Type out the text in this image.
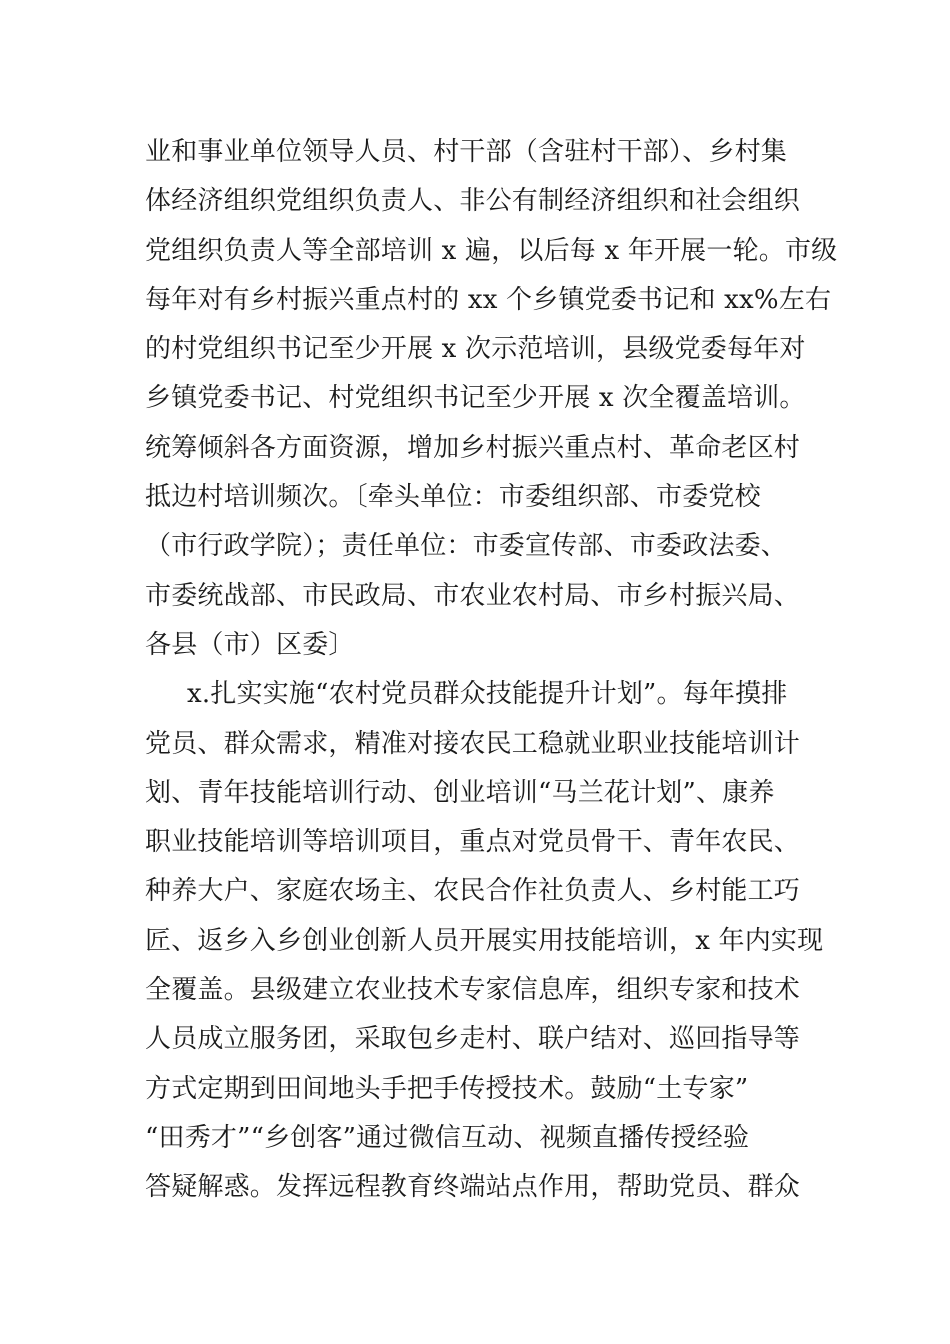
业和事业单位领导人员、村干部（含驻村干部）、乡村集
体经济组织党组织负责人、非公有制经济组织和社会组织
党组织负责人等全部培训 x 遍，以后每 x 年开展一轮。市级
每年对有乡村振兴重点村的 xx 个乡镇党委书记和 xx%左右
的村党组织书记至少开展 x 次示范培训，县级党委每年对
乡镇党委书记、村党组织书记至少开展 x 次全覆盖培训。
统筹倾斜各方面资源，增加乡村振兴重点村、革命老区村
抵边村培训频次。〔牵头单位：市委组织部、市委党校
（市行政学院）；责任单位：市委宣传部、市委政法委、
市委统战部、市民政局、市农业农村局、市乡村振兴局、
各县（市）区委〕
x.扎实实施“农村党员群众技能提升计划”。每年摸排
党员、群众需求，精准对接农民工稳就业职业技能培训计
划、青年技能培训行动、创业培训“马兰花计划”、康养
职业技能培训等培训项目，重点对党员骨干、青年农民、
种养大户、家庭农场主、农民合作社负责人、乡村能工巧
匠、返乡入乡创业创新人员开展实用技能培训，x 年内实现
全覆盖。县级建立农业技术专家信息库，组织专家和技术
人员成立服务团，采取包乡走村、联户结对、巡回指导等
方式定期到田间地头手把手传授技术。鼓励“土专家”
“田秀才”“乡创客”通过微信互动、视频直播传授经验
答疑解惑。发挥远程教育终端站点作用，帮助党员、群众
